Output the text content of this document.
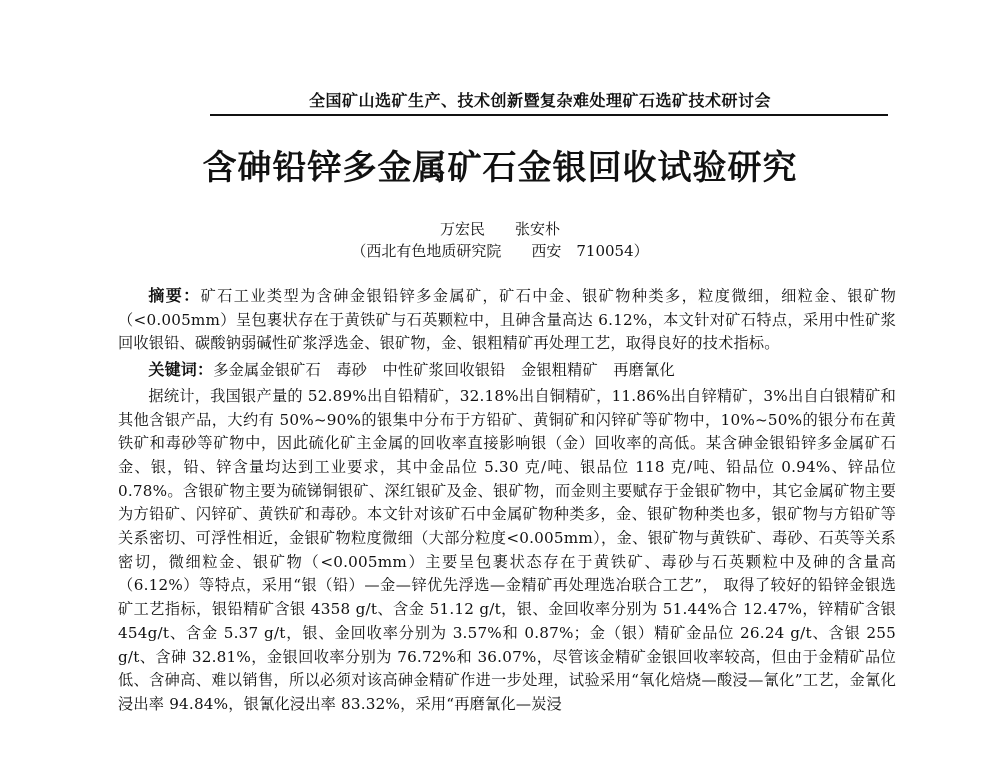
全国矿山选矿生产、技术创新暨复杂难处理矿石选矿技术研讨会
含砷铅锌多金属矿石金银回收试验研究
万宏民　　张安朴
（西北有色地质研究院　　西安　710054）

摘要：矿石工业类型为含砷金银铅锌多金属矿，矿石中金、银矿物种类多，粒度微细，细粒金、银矿物（<0.005mm）呈包裹状存在于黄铁矿与石英颗粒中，且砷含量高达 6.12%，本文针对矿石特点，采用中性矿浆回收银铅、碳酸钠弱碱性矿浆浮选金、银矿物，金、银粗精矿再处理工艺，取得良好的技术指标。

关键词：多金属金银矿石　毒砂　中性矿浆回收银铅　金银粗精矿　再磨氰化

据统计，我国银产量的 52.89%出自铅精矿，32.18%出自铜精矿，11.86%出自锌精矿，3%出自白银精矿和其他含银产品，大约有 50%~90%的银集中分布于方铅矿、黄铜矿和闪锌矿等矿物中，10%~50%的银分布在黄铁矿和毒砂等矿物中，因此硫化矿主金属的回收率直接影响银（金）回收率的高低。某含砷金银铅锌多金属矿石金、银，铅、锌含量均达到工业要求，其中金品位 5.30 克/吨、银品位 118 克/吨、铅品位 0.94%、锌品位 0.78%。含银矿物主要为硫锑铜银矿、深红银矿及金、银矿物，而金则主要赋存于金银矿物中，其它金属矿物主要为方铅矿、闪锌矿、黄铁矿和毒砂。本文针对该矿石中金属矿物种类多，金、银矿物种类也多，银矿物与方铅矿等关系密切、可浮性相近，金银矿物粒度微细（大部分粒度<0.005mm），金、银矿物与黄铁矿、毒砂、石英等关系密切，微细粒金、银矿物（<0.005mm）主要呈包裹状态存在于黄铁矿、毒砂与石英颗粒中及砷的含量高（6.12%）等特点，采用“银（铅）—金—锌优先浮选—金精矿再处理选冶联合工艺”， 取得了较好的铅锌金银选矿工艺指标，银铅精矿含银 4358 g/t、含金 51.12 g/t，银、金回收率分别为 51.44%合 12.47%，锌精矿含银 454g/t、含金 5.37 g/t，银、金回收率分别为 3.57%和 0.87%；金（银）精矿金品位 26.24 g/t、含银 255 g/t、含砷 32.81%，金银回收率分别为 76.72%和 36.07%，尽管该金精矿金银回收率较高，但由于金精矿品位低、含砷高、难以销售，所以必须对该高砷金精矿作进一步处理，试验采用“氧化焙烧—酸浸—氰化”工艺，金氰化浸出率 94.84%，银氰化浸出率 83.32%，采用“再磨氰化—炭浸
